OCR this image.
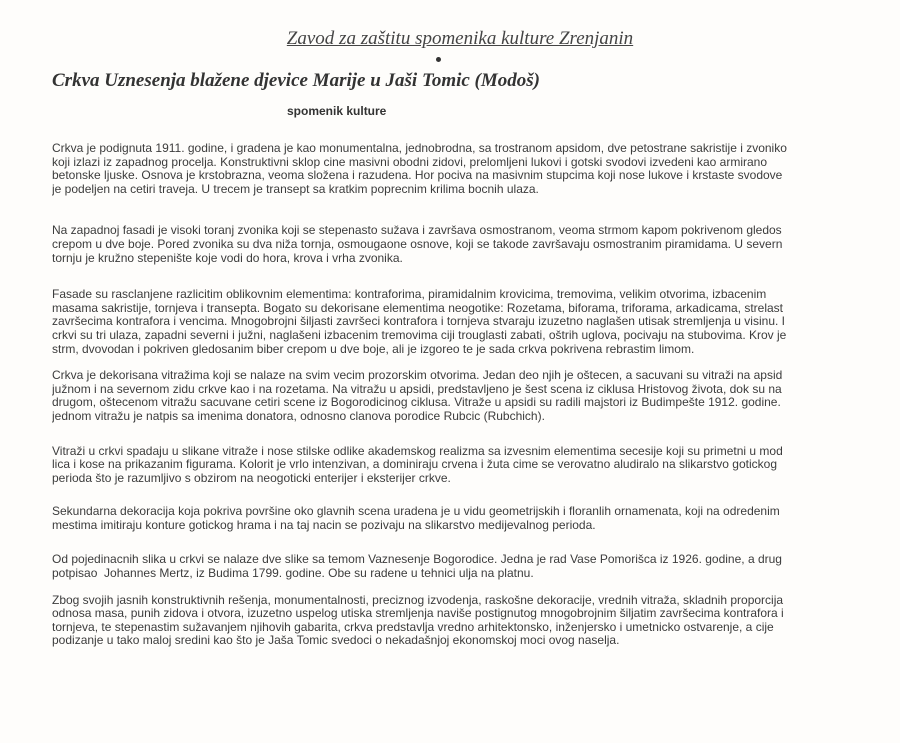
Zavod za zaštitu spomenika kulture Zrenjanin
Crkva Uznesenja blažene djevice Marije u Jaši Tomic (Modoš)
spomenik kulture

Crkva je podignuta 1911. godine, i gradena je kao monumentalna, jednobrodna, sa trostranom apsidom, dve petostrane sakristije i zvoniko
koji izlazi iz zapadnog procelja. Konstruktivni sklop cine masivni obodni zidovi, prelomljeni lukovi i gotski svodovi izvedeni kao armirano
betonske ljuske. Osnova je krstobrazna, veoma složena i razudena. Hor pociva na masivnim stupcima koji nose lukove i krstaste svodove
je podeljen na cetiri traveja. U trecem je transept sa kratkim poprecnim krilima bocnih ulaza.

Na zapadnoj fasadi je visoki toranj zvonika koji se stepenasto sužava i završava osmostranom, veoma strmom kapom pokrivenom gledos
crepom u dve boje. Pored zvonika su dva niža tornja, osmougaone osnove, koji se takode završavaju osmostranim piramidama. U severn
tornju je kružno stepenište koje vodi do hora, krova i vrha zvonika.

Fasade su rasclanjene razlicitim oblikovnim elementima: kontraforima, piramidalnim krovicima, tremovima, velikim otvorima, izbacenim
masama sakristije, tornjeva i transepta. Bogato su dekorisane elementima neogotike: Rozetama, biforama, triforama, arkadicama, strelast
završecima kontrafora i vencima. Mnogobrojni šiljasti završeci kontrafora i tornjeva stvaraju izuzetno naglašen utisak stremljenja u visinu. I
crkvi su tri ulaza, zapadni severni i južni, naglašeni izbacenim tremovima ciji trouglasti zabati, oštrih uglova, pocivaju na stubovima. Krov je
strm, dvovodan i pokriven gledosanim biber crepom u dve boje, ali je izgoreo te je sada crkva pokrivena rebrastim limom.

Crkva je dekorisana vitražima koji se nalaze na svim vecim prozorskim otvorima. Jedan deo njih je oštecen, a sacuvani su vitraži na apsid
južnom i na severnom zidu crkve kao i na rozetama. Na vitražu u apsidi, predstavljeno je šest scena iz ciklusa Hristovog života, dok su na
drugom, oštecenom vitražu sacuvane cetiri scene iz Bogorodicinog ciklusa. Vitraže u apsidi su radili majstori iz Budimpešte 1912. godine.
jednom vitražu je natpis sa imenima donatora, odnosno clanova porodice Rubcic (Rubchich).

Vitraži u crkvi spadaju u slikane vitraže i nose stilske odlike akademskog realizma sa izvesnim elementima secesije koji su primetni u mod
lica i kose na prikazanim figurama. Kolorit je vrlo intenzivan, a dominiraju crvena i žuta cime se verovatno aludiralo na slikarstvo gotickog
perioda što je razumljivo s obzirom na neogoticki enterijer i eksterijer crkve.

Sekundarna dekoracija koja pokriva površine oko glavnih scena uradena je u vidu geometrijskih i floranlih ornamenata, koji na odredenim
mestima imitiraju konture gotickog hrama i na taj nacin se pozivaju na slikarstvo medijevalnog perioda.

Od pojedinacnih slika u crkvi se nalaze dve slike sa temom Vaznesenje Bogorodice. Jedna je rad Vase Pomorišca iz 1926. godine, a drug
potpisao  Johannes Mertz, iz Budima 1799. godine. Obe su radene u tehnici ulja na platnu.

Zbog svojih jasnih konstruktivnih rešenja, monumentalnosti, preciznog izvodenja, raskošne dekoracije, vrednih vitraža, skladnih proporcija
odnosa masa, punih zidova i otvora, izuzetno uspelog utiska stremljenja naviše postignutog mnogobrojnim šiljatim završecima kontrafora i
tornjeva, te stepenastim sužavanjem njihovih gabarita, crkva predstavlja vredno arhitektonsko, inženjersko i umetnicko ostvarenje, a cije
podizanje u tako maloj sredini kao što je Jaša Tomic svedoci o nekadašnjoj ekonomskoj moci ovog naselja.
